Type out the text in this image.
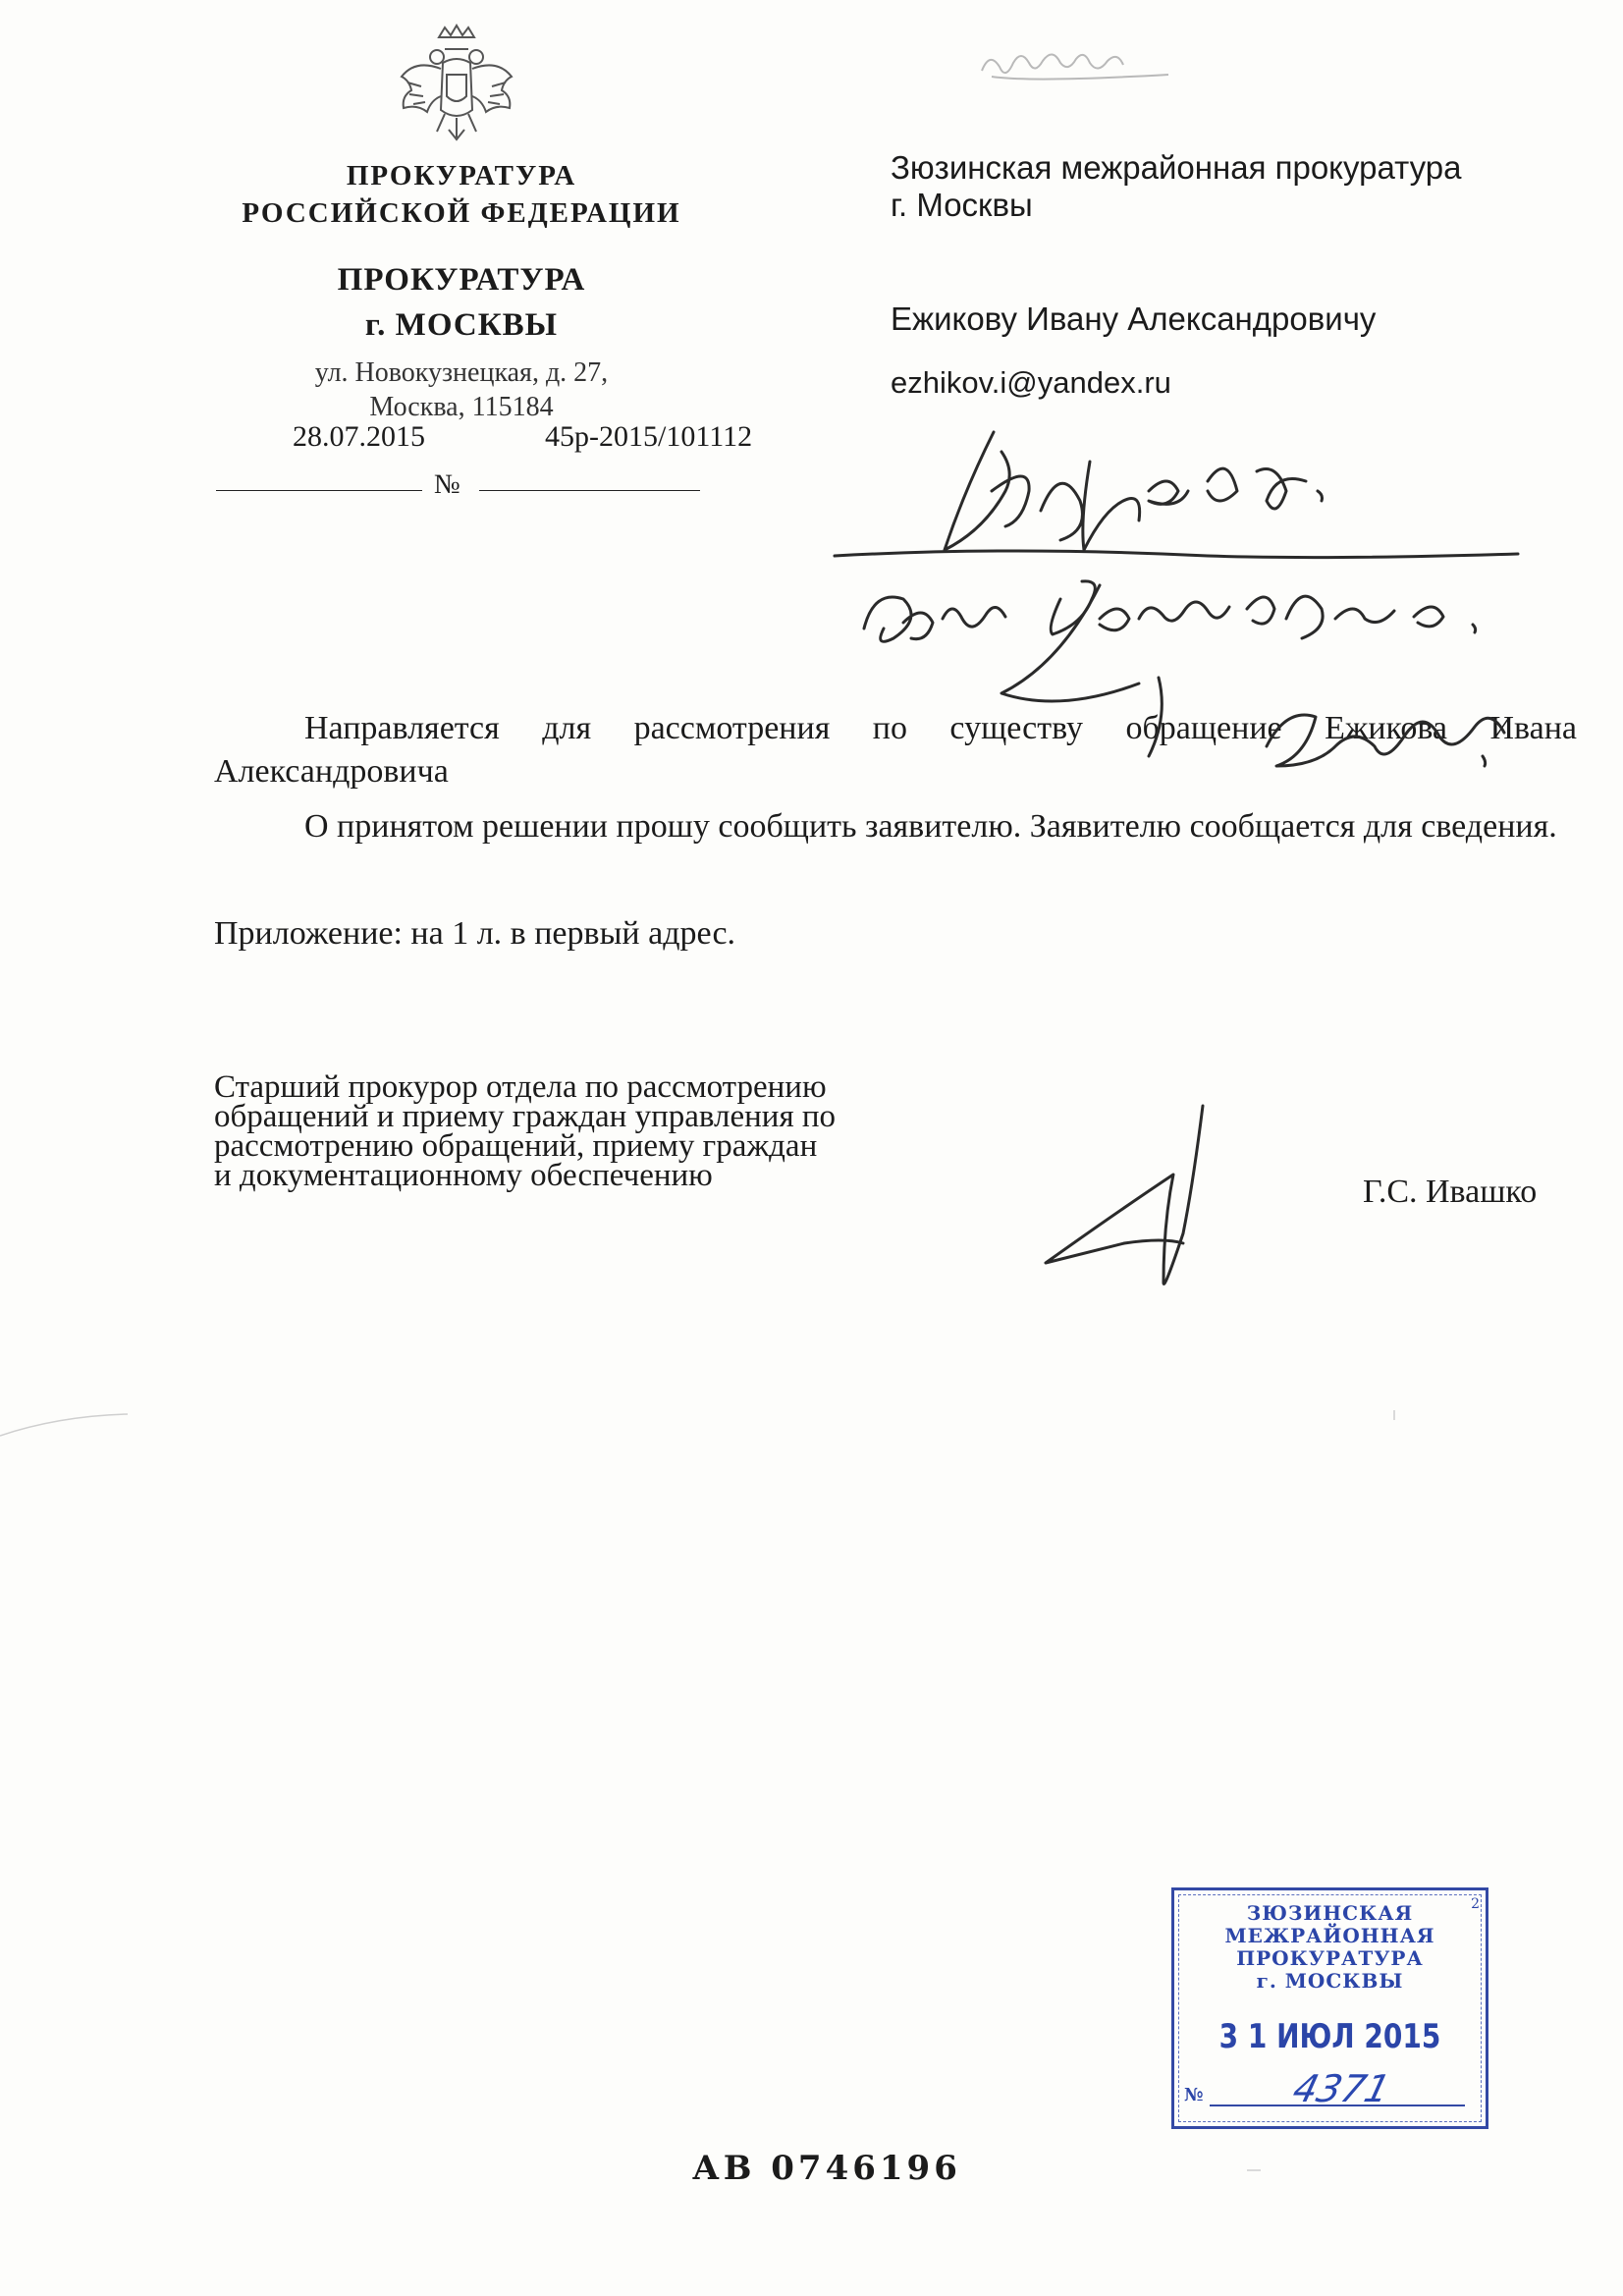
ПРОКУРАТУРА
РОССИЙСКОЙ ФЕДЕРАЦИИ
ПРОКУРАТУРА
г. МОСКВЫ
ул. Новокузнецкая, д. 27,
Москва, 115184
28.07.2015	45р-2015/101112
№
Зюзинская межрайонная прокуратура
г. Москвы
Ежикову Ивану Александровичу
ezhikov.i@yandex.ru

Направляется для рассмотрения по существу обращение Ежикова Ивана Александровича

О принятом решении прошу сообщить заявителю. Заявителю сообщается для сведения.

Приложение: на 1 л. в первый адрес.
Старший прокурор отдела по рассмотрению
обращений и приему граждан управления по
рассмотрению обращений, приему граждан
и документационному обеспечению	Г.С. Ивашко
2
ЗЮЗИНСКАЯ
МЕЖРАЙОННАЯ
ПРОКУРАТУРА
г. МОСКВЫ
3 1 ИЮЛ 2015
№ 4371
АВ 0746196
